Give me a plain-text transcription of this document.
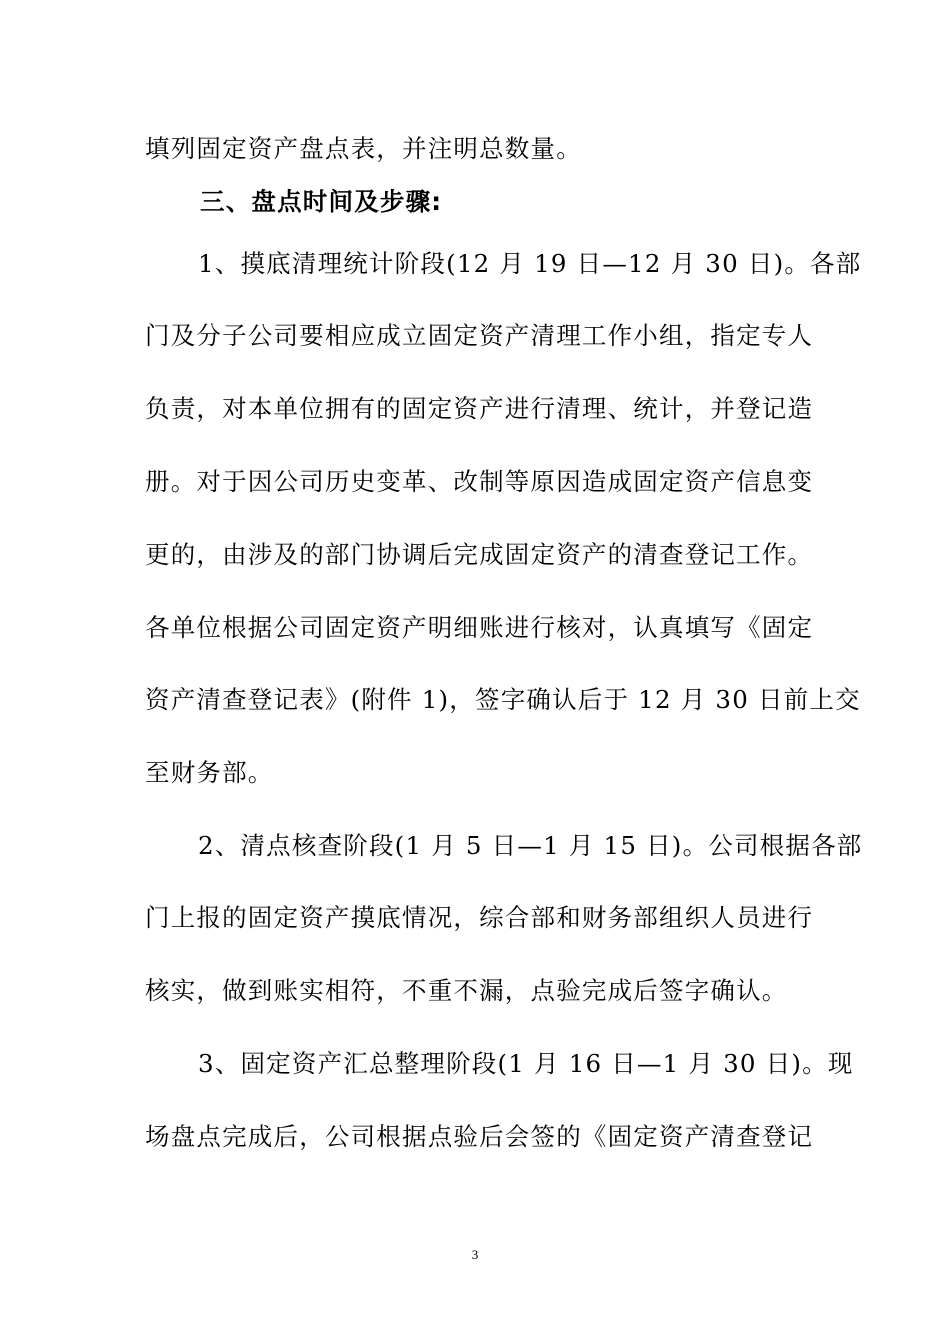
填列固定资产盘点表，并注明总数量。
三、盘点时间及步骤:
1、摸底清理统计阶段(12 月 19 日—12 月 30 日)。各部
门及分子公司要相应成立固定资产清理工作小组，指定专人
负责，对本单位拥有的固定资产进行清理、统计，并登记造
册。对于因公司历史变革、改制等原因造成固定资产信息变
更的，由涉及的部门协调后完成固定资产的清查登记工作。
各单位根据公司固定资产明细账进行核对，认真填写《固定
资产清查登记表》(附件 1)，签字确认后于 12 月 30 日前上交
至财务部。
2、清点核查阶段(1 月 5 日—1 月 15 日)。公司根据各部
门上报的固定资产摸底情况，综合部和财务部组织人员进行
核实，做到账实相符，不重不漏，点验完成后签字确认。
3、固定资产汇总整理阶段(1 月 16 日—1 月 30 日)。现
场盘点完成后，公司根据点验后会签的《固定资产清查登记
3
